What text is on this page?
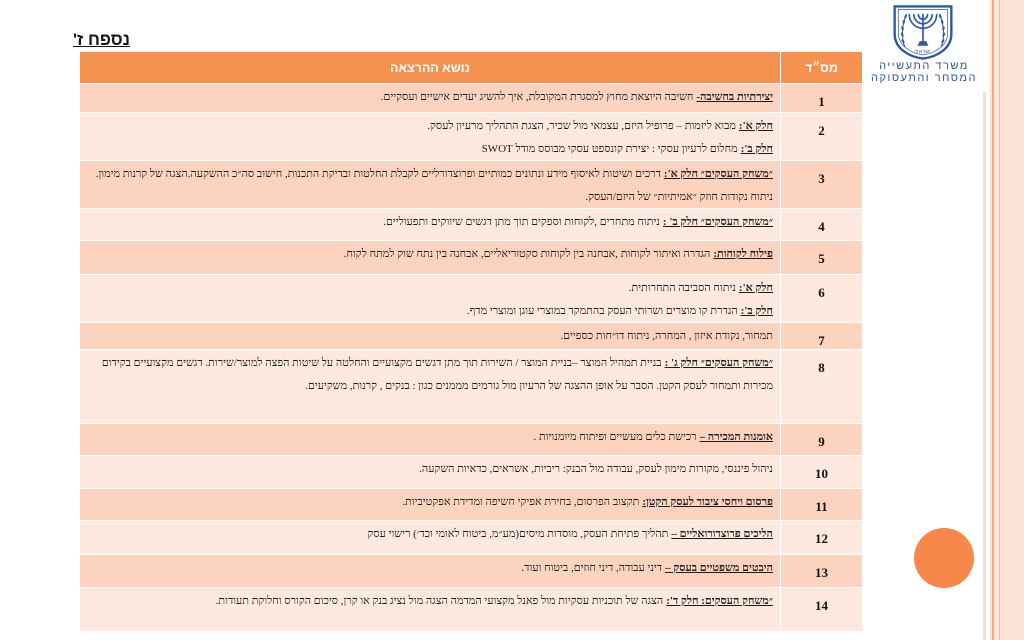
נספח ז'
ישראל
משרד התעשייה
המסחר והתעסוקה
מס״ד
נושא ההרצאה
1
יצירתיות בחשיבה-חשיבה היוצאת מחוץ למסגרת המקובלת, איך להשיג יעדים אישיים ועסקיים.
2
חלק א':מבוא ליזמות – פרופיל היזם, עצמאי מול שכיר, הצגת התהליך מרעיון לעסק.
חלק ב':מחלום לרעיון עסקי : יצירת קונספט עסקי מבוסס מודל SWOT
3
״משחק העסקים״ חלק א':דרכים ושיטות לאיסוף מידע ונתונים כמותיים ופרוצדורליים לקבלת החלטות ובדיקת התכנות, חישוב סה״כ ההשקעה.הצגה של קרנות מימון. ניתוח נקודות חוזק ״אמיתיות״ של היזם/העסק.
4
״משחק העסקים״ חלק ב' :ניתוח מתחרים ,לקוחות וספקים תוך מתן דגשים שיווקים ותפעוליים.
5
פילוח לקוחות:הגדרה ואיתור לקוחות ,אבחנה בין לקוחות סקטוריאליים, אבחנה בין נתח שוק למתח לקוח.
6
חלק א':ניתוח הסביבה התחרותית.
חלק ב':הגדרת קו מוצרים ושרותי העסק בהתמקד במוצרי עוגן ומוצרי מדף.
7
תמחור, נקודת איזון , המחרה, ניתוח דו״חות כספיים.
8
״משחק העסקים״ חלק ג' :בניית תמהיל המוצר –בניית המוצר / השירות תוך מתן דגשים מקצועיים והחלטה על שיטות הפצה למוצר/שירות. דגשים מקצועיים בקידום מכירות ותמחור לעסק הקטן. הסבר על אופן ההצגה של הרעיון מול גורמים מממנים כגון : בנקים , קרנות, משקיעים.
9
אומנות המכירה –רכישת כלים מעשיים ופיתוח מיומנויות .
10
ניהול פיננסי, מקורות מימון לעסק, עבודה מול הבנק: ריביות, אשראים, כדאיות השקעה.
11
פרסום ויחסי ציבור לעסק הקטן:תקצוב הפרסום, בחירת אפיקי חשיפה ומדידת אפקטיביות.
12
הליכים פרוצדורואליים –תהליך פתיחת העסק, מוסדות מיסים(מע״מ, ביטוח לאומי וכד׳) רישוי עסק
13
היבטים משפטיים בעסק –דיני עבודה, דיני חוזים, ביטוח ועוד.
14
״משחק העסקים: חלק ד':הצגה של תוכניות עסקיות מול פאנל מקצועי המדמה הצגה מול נציג בנק או קרן, סיכום הקורס וחלוקת תעודות.
